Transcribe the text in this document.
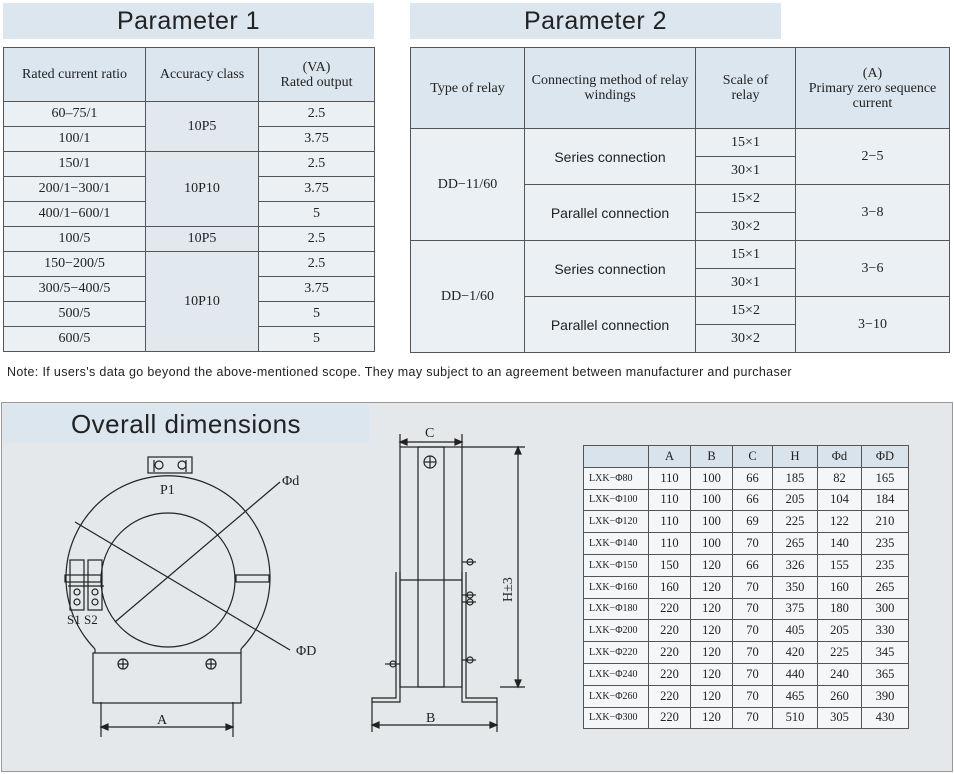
Parameter 1	Parameter 2
Rated current ratio	Accuracy class	(VA)
Rated output
60–75/1	10P5	2.5
100/1		3.75
150/1	10P10	2.5
200/1−300/1		3.75
400/1−600/1		5
100/5	10P5	2.5
150−200/5	10P10	2.5
300/5−400/5		3.75
500/5		5
600/5		5
Type of relay	Connecting method of relay windings	Scale of relay	(A)
Primary zero sequence current
DD−11/60	Series connection	15×1	2−5
		30×1	
	Parallel connection	15×2	3−8
		30×2	
DD−1/60	Series connection	15×1	3−6
		30×1	
	Parallel connection	15×2	3−10
		30×2	
Note: If users's data go beyond the above-mentioned scope. They may subject to an agreement between manufacturer and purchaser
Overall dimensions
P1
S1 S2
Φd
ΦD
A	B
C
H±3
	A	B	C	H	Φd	ΦD
LXK−Φ80	110	100	66	185	82	165
LXK−Φ100	110	100	66	205	104	184
LXK−Φ120	110	100	69	225	122	210
LXK−Φ140	110	100	70	265	140	235
LXK−Φ150	150	120	66	326	155	235
LXK−Φ160	160	120	70	350	160	265
LXK−Φ180	220	120	70	375	180	300
LXK−Φ200	220	120	70	405	205	330
LXK−Φ220	220	120	70	420	225	345
LXK−Φ240	220	120	70	440	240	365
LXK−Φ260	220	120	70	465	260	390
LXK−Φ300	220	120	70	510	305	430
